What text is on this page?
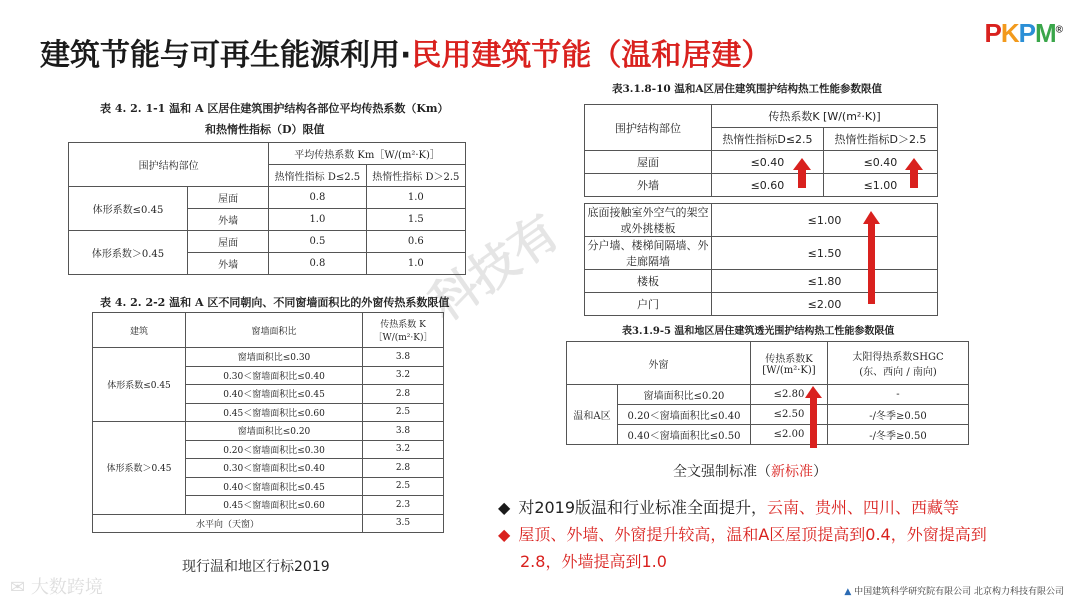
建筑节能与可再生能源利用·民用建筑节能（温和居建）
PKPM®
科技有
表 4. 2. 1-1 温和 A 区居住建筑围护结构各部位平均传热系数（Km）
和热惰性指标（D）限值
围护结构部位		平均传热系数 Km［W/(m²·K)］	
		热惰性指标 D≤2.5	热惰性指标 D＞2.5
体形系数≤0.45	屋面	0.8	1.0
	外墙	1.0	1.5
体形系数＞0.45	屋面	0.5	0.6
	外墙	0.8	1.0
表 4. 2. 2-2 温和 A 区不同朝向、不同窗墙面积比的外窗传热系数限值
建筑	窗墙面积比	传热系数 K
［W/(m²·K)］
体形系数≤0.45	窗墙面积比≤0.30	3.8
	0.30＜窗墙面积比≤0.40	3.2
	0.40＜窗墙面积比≤0.45	2.8
	0.45＜窗墙面积比≤0.60	2.5
体形系数＞0.45	窗墙面积比≤0.20	3.8
	0.20＜窗墙面积比≤0.30	3.2
	0.30＜窗墙面积比≤0.40	2.8
	0.40＜窗墙面积比≤0.45	2.5
	0.45＜窗墙面积比≤0.60	2.3
水平向（天窗）		3.5
现行温和地区行标2019
表3.1.8-10 温和A区居住建筑围护结构热工性能参数限值
围护结构部位	传热系数K [W/(m²·K)]	
	热惰性指标D≤2.5	热惰性指标D＞2.5
屋面	≤0.40	≤0.40
外墙	≤0.60	≤1.00
底面接触室外空气的架空或外挑楼板	≤1.00
分户墙、楼梯间隔墙、外走廊隔墙	≤1.50
楼板	≤1.80
户门	≤2.00
表3.1.9-5 温和地区居住建筑透光围护结构热工性能参数限值
外窗		传热系数K
[W/(m²·K)]	太阳得热系数SHGC
(东、西向 / 南向)
温和A区	窗墙面积比≤0.20	≤2.80	-
	0.20＜窗墙面积比≤0.40	≤2.50	-/冬季≥0.50
	0.40＜窗墙面积比≤0.50	≤2.00	-/冬季≥0.50
全文强制标准（新标准）
◆ 对2019版温和行业标准全面提升，云南、贵州、四川、西藏等
◆ 屋顶、外墙、外窗提升较高，温和A区屋顶提高到0.4，外窗提高到
2.8，外墙提高到1.0
✉ 大数跨境	▲ 中国建筑科学研究院有限公司 北京构力科技有限公司
